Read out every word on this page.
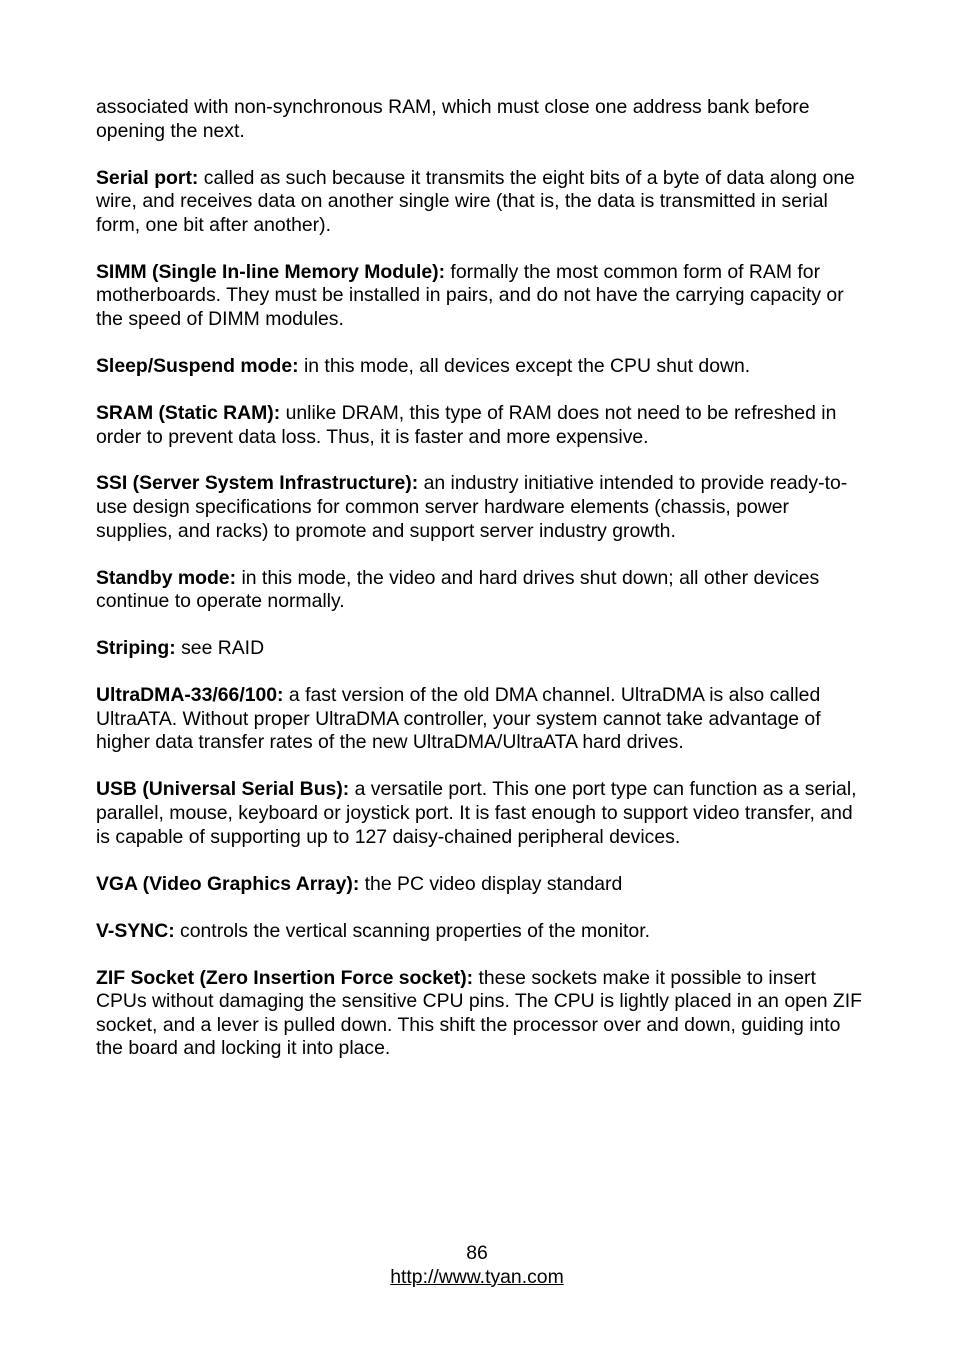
associated with non-synchronous RAM, which must close one address bank before opening the next.

Serial port: called as such because it transmits the eight bits of a byte of data along one wire, and receives data on another single wire (that is, the data is transmitted in serial form, one bit after another).

SIMM (Single In-line Memory Module): formally the most common form of RAM for motherboards. They must be installed in pairs, and do not have the carrying capacity or the speed of DIMM modules.

Sleep/Suspend mode: in this mode, all devices except the CPU shut down.

SRAM (Static RAM): unlike DRAM, this type of RAM does not need to be refreshed in order to prevent data loss. Thus, it is faster and more expensive.

SSI (Server System Infrastructure): an industry initiative intended to provide ready-to-use design specifications for common server hardware elements (chassis, power supplies, and racks) to promote and support server industry growth.

Standby mode: in this mode, the video and hard drives shut down; all other devices continue to operate normally.

Striping: see RAID

UltraDMA-33/66/100: a fast version of the old DMA channel. UltraDMA is also called UltraATA. Without proper UltraDMA controller, your system cannot take advantage of higher data transfer rates of the new UltraDMA/UltraATA hard drives.

USB (Universal Serial Bus): a versatile port. This one port type can function as a serial, parallel, mouse, keyboard or joystick port. It is fast enough to support video transfer, and is capable of supporting up to 127 daisy-chained peripheral devices.

VGA (Video Graphics Array): the PC video display standard

V-SYNC: controls the vertical scanning properties of the monitor.

ZIF Socket (Zero Insertion Force socket): these sockets make it possible to insert CPUs without damaging the sensitive CPU pins. The CPU is lightly placed in an open ZIF socket, and a lever is pulled down. This shift the processor over and down, guiding into the board and locking it into place.

86
http://www.tyan.com
